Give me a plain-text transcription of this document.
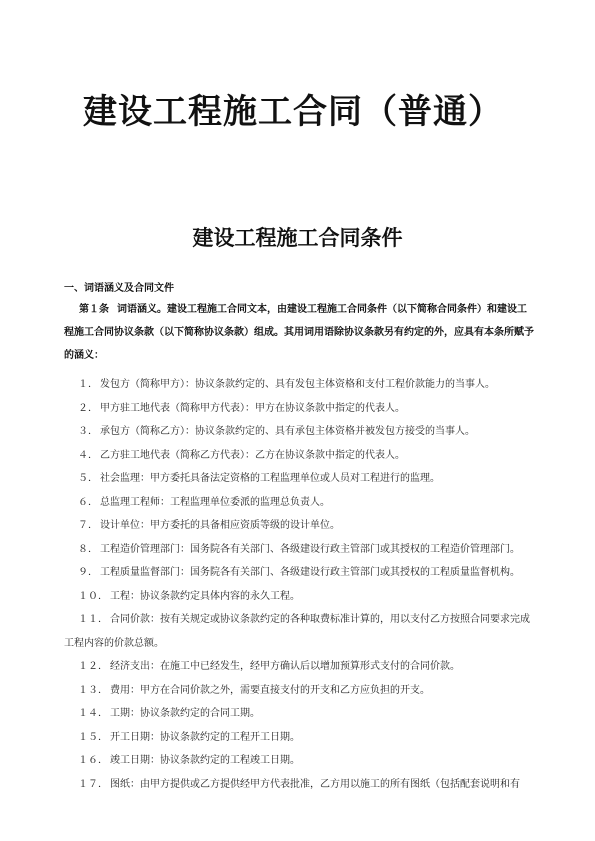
建设工程施工合同（普通）
建设工程施工合同条件
一、词语涵义及合同文件
第１条 词语涵义。建设工程施工合同文本，由建设工程施工合同条件（以下简称合同条件）和建设工程施工合同协议条款（以下简称协议条款）组成。其用词用语除协议条款另有约定的外，应具有本条所赋予的涵义：
１． 发包方（简称甲方）：协议条款约定的、具有发包主体资格和支付工程价款能力的当事人。
２． 甲方驻工地代表（简称甲方代表）：甲方在协议条款中指定的代表人。
３． 承包方（简称乙方）：协议条款约定的、具有承包主体资格并被发包方接受的当事人。
４． 乙方驻工地代表（简称乙方代表）：乙方在协议条款中指定的代表人。
５． 社会监理：甲方委托具备法定资格的工程监理单位或人员对工程进行的监理。
６． 总监理工程师：工程监理单位委派的监理总负责人。
７． 设计单位：甲方委托的具备相应资质等级的设计单位。
８． 工程造价管理部门：国务院各有关部门、各级建设行政主管部门或其授权的工程造价管理部门。
９． 工程质量监督部门：国务院各有关部门、各级建设行政主管部门或其授权的工程质量监督机构。
１０． 工程：协议条款约定具体内容的永久工程。
１１． 合同价款：按有关规定或协议条款约定的各种取费标准计算的，用以支付乙方按照合同要求完成工程内容的价款总额。
１２． 经济支出：在施工中已经发生，经甲方确认后以增加预算形式支付的合同价款。
１３． 费用：甲方在合同价款之外，需要直接支付的开支和乙方应负担的开支。
１４． 工期：协议条款约定的合同工期。
１５． 开工日期：协议条款约定的工程开工日期。
１６． 竣工日期：协议条款约定的工程竣工日期。
１７． 图纸：由甲方提供或乙方提供经甲方代表批准，乙方用以施工的所有图纸（包括配套说明和有
